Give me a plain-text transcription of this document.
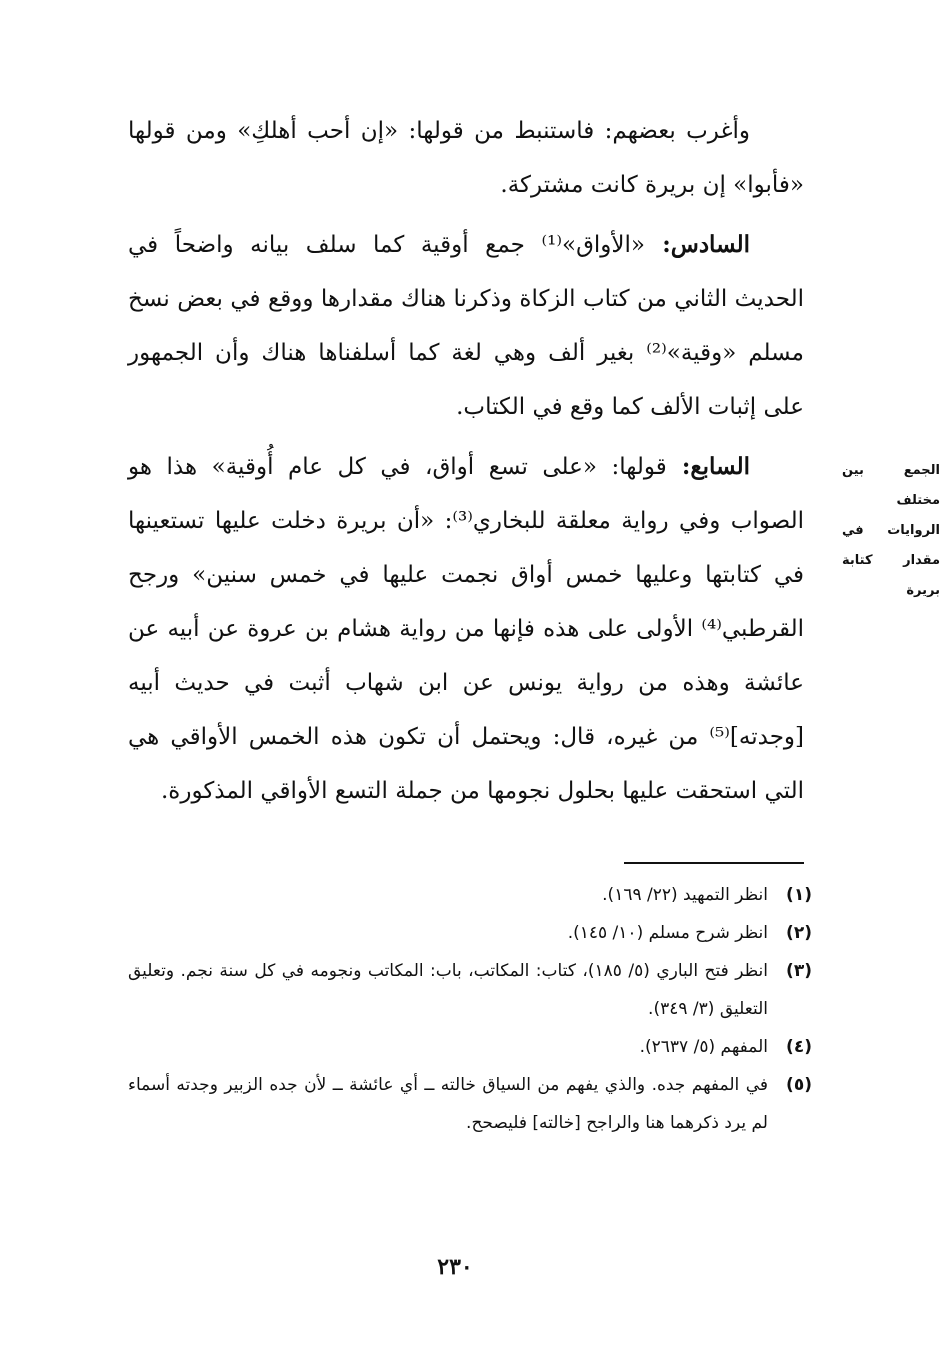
وأغرب بعضهم: فاستنبط من قولها: «إن أحب أهلكِ» ومن قولها «فأبوا» إن بريرة كانت مشتركة.

السادس: «الأواق»⁽¹⁾ جمع أوقية كما سلف بيانه واضحاً في الحديث الثاني من كتاب الزكاة وذكرنا هناك مقدارها ووقع في بعض نسخ مسلم «وقية»⁽²⁾ بغير ألف وهي لغة كما أسلفناها هناك وأن الجمهور على إثبات الألف كما وقع في الكتاب.

السابع: قولها: «على تسع أواق، في كل عام أُوقية» هذا هو الصواب وفي رواية معلقة للبخاري⁽³⁾: «أن بريرة دخلت عليها تستعينها في كتابتها وعليها خمس أواق نجمت عليها في خمس سنين» ورجح القرطبي⁽⁴⁾ الأولى على هذه فإنها من رواية هشام بن عروة عن أبيه عن عائشة وهذه من رواية يونس عن ابن شهاب أثبت في حديث أبيه [وجدته]⁽⁵⁾ من غيره، قال: ويحتمل أن تكون هذه الخمس الأواقي هي التي استحقت عليها بحلول نجومها من جملة التسع الأواقي المذكورة.

الجمع بين مختلف الروايات في مقدار كتابة بريرة
(١)
انظر التمهيد (٢٢/ ١٦٩).
(٢)
انظر شرح مسلم (١٠/ ١٤٥).
(٣)
انظر فتح الباري (٥/ ١٨٥)، كتاب: المكاتب، باب: المكاتب ونجومه في كل سنة نجم. وتعليق التعليق (٣/ ٣٤٩).
(٤)
المفهم (٥/ ٢٦٣٧).
(٥)
في المفهم جده. والذي يفهم من السياق خالته ــ أي عائشة ــ لأن جده الزبير وجدته أسماء لم يرد ذكرهما هنا والراجح [خالته] فليصحح.
٢٣٠
